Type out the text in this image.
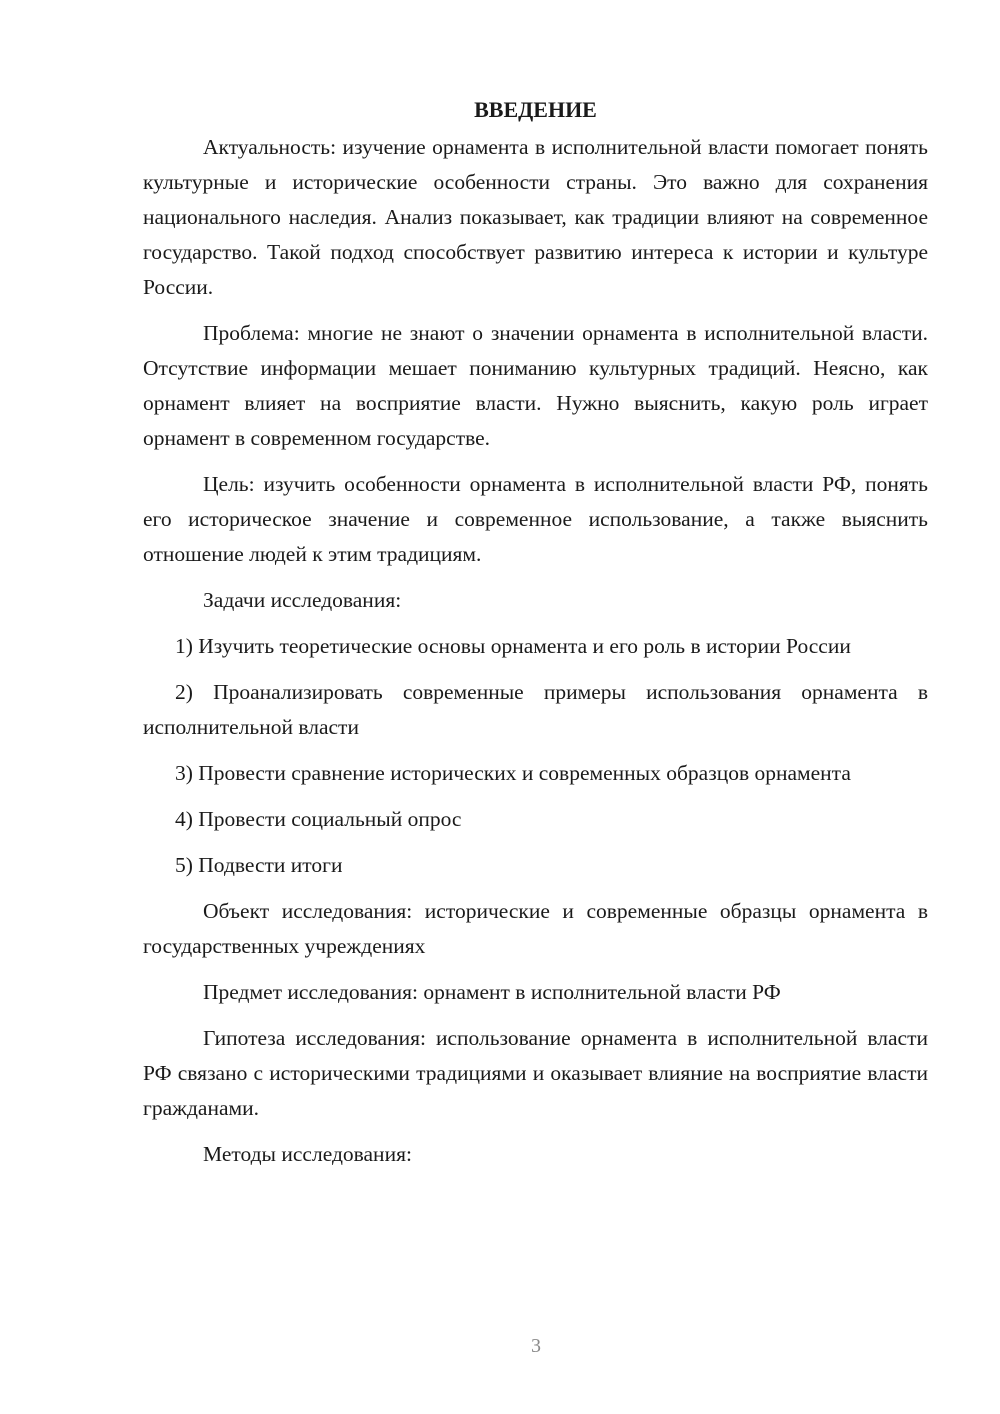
ВВЕДЕНИЕ

Актуальность: изучение орнамента в исполнительной власти помогает понять культурные и исторические особенности страны. Это важно для сохранения национального наследия. Анализ показывает, как традиции влияют на современное государство. Такой подход способствует развитию интереса к истории и культуре России.

Проблема: многие не знают о значении орнамента в исполнительной власти. Отсутствие информации мешает пониманию культурных традиций. Неясно, как орнамент влияет на восприятие власти. Нужно выяснить, какую роль играет орнамент в современном государстве.

Цель: изучить особенности орнамента в исполнительной власти РФ, понять его историческое значение и современное использование, а также выяснить отношение людей к этим традициям.

Задачи исследования:

1) Изучить теоретические основы орнамента и его роль в истории России

2) Проанализировать современные примеры использования орнамента в исполнительной власти

3) Провести сравнение исторических и современных образцов орнамента

4) Провести социальный опрос

5) Подвести итоги

Объект исследования: исторические и современные образцы орнамента в государственных учреждениях

Предмет исследования: орнамент в исполнительной власти РФ

Гипотеза исследования: использование орнамента в исполнительной власти РФ связано с историческими традициями и оказывает влияние на восприятие власти гражданами.

Методы исследования:

3
